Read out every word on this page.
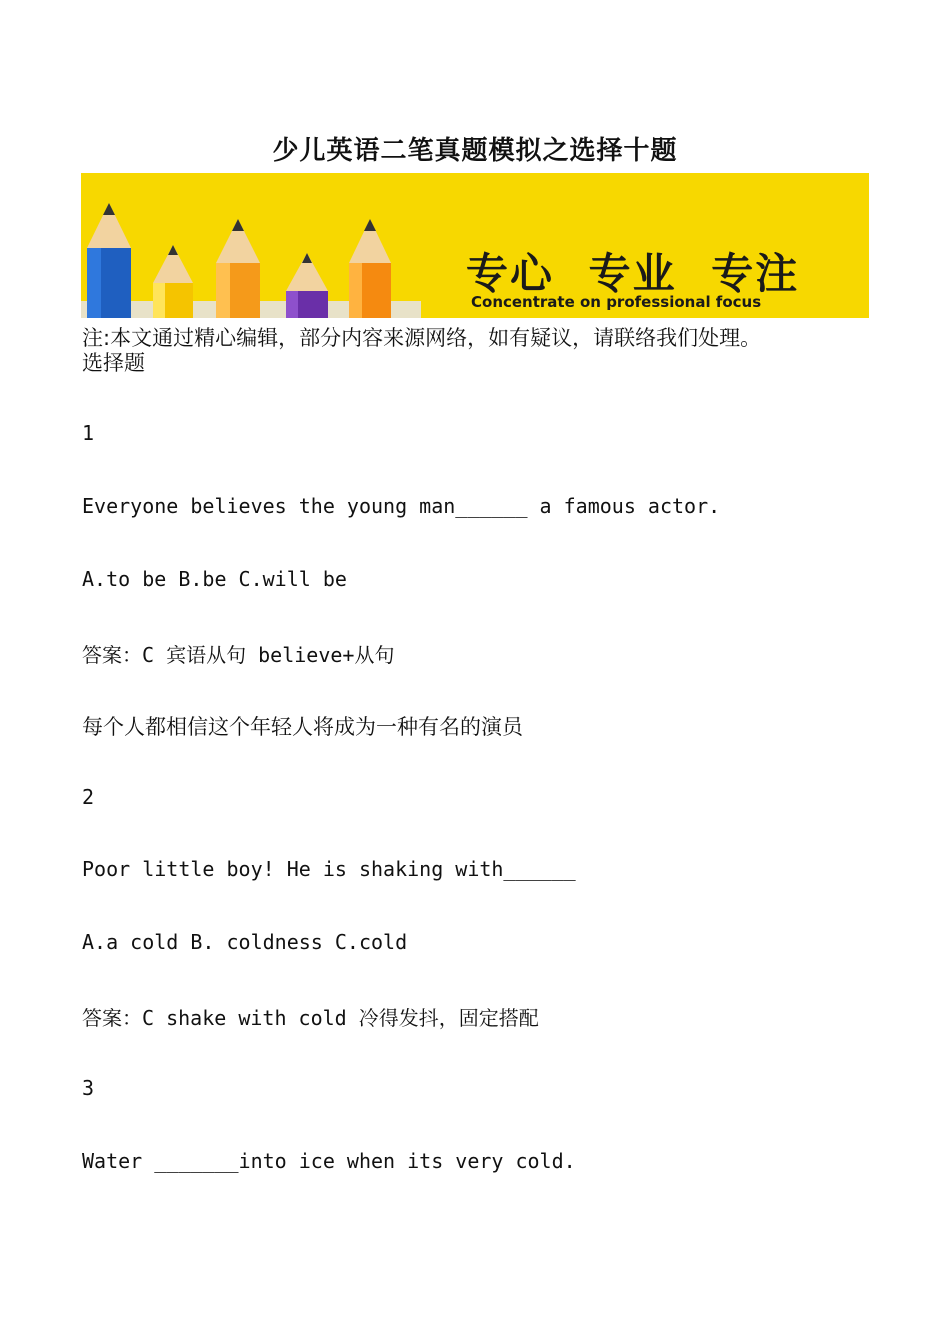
少儿英语二笔真题模拟之选择十题
专心 专业 专注
Concentrate on professional focus
注:本文通过精心编辑，部分内容来源网络，如有疑议，请联络我们处理。
选择题
1
Everyone believes the young man______ a famous actor.
A.to be B.be C.will be
答案：C 宾语从句 believe+从句
每个人都相信这个年轻人将成为一种有名的演员
2
Poor little boy! He is shaking with______
A.a cold B. coldness C.cold
答案：C shake with cold 冷得发抖，固定搭配
3
Water _______into ice when its very cold.
